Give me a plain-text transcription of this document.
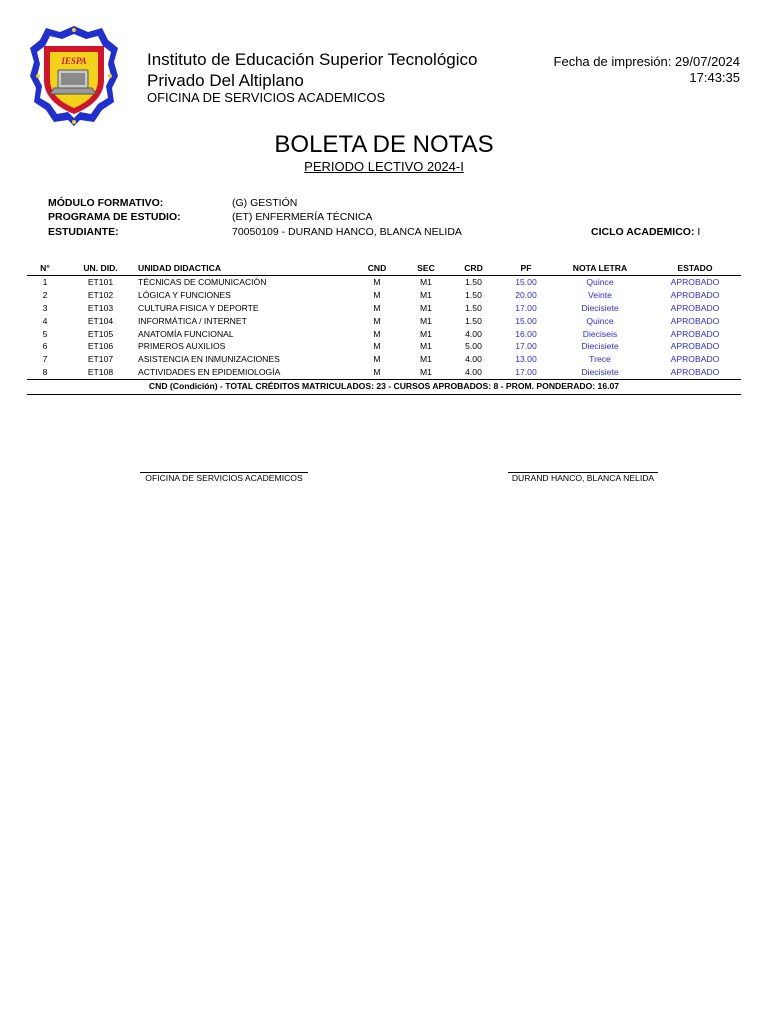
IESPA	Instituto de Educación Superior Tecnológico
Privado Del Altiplano
OFICINA DE SERVICIOS ACADEMICOS
Fecha de impresión: 29/07/2024
17:43:35
BOLETA DE NOTAS
PERIODO LECTIVO 2024-I
MÓDULO FORMATIVO:	(G) GESTIÓN
PROGRAMA DE ESTUDIO:	(ET) ENFERMERÍA TÉCNICA
ESTUDIANTE:	70050109 - DURAND HANCO, BLANCA NELIDA	CICLO ACADEMICO: I
N°	UN. DID.	UNIDAD DIDACTICA	CND	SEC	CRD	PF	NOTA LETRA	ESTADO
1	ET101	TÉCNICAS DE COMUNICACIÓN	M	M1	1.50	15.00	Quince	APROBADO
2	ET102	LÓGICA Y FUNCIONES	M	M1	1.50	20.00	Veinte	APROBADO
3	ET103	CULTURA FISICA Y DEPORTE	M	M1	1.50	17.00	Diecisiete	APROBADO
4	ET104	INFORMÁTICA / INTERNET	M	M1	1.50	15.00	Quince	APROBADO
5	ET105	ANATOMÍA FUNCIONAL	M	M1	4.00	16.00	Dieciseis	APROBADO
6	ET106	PRIMEROS AUXILIOS	M	M1	5.00	17.00	Diecisiete	APROBADO
7	ET107	ASISTENCIA EN INMUNIZACIONES	M	M1	4.00	13.00	Trece	APROBADO
8	ET108	ACTIVIDADES EN EPIDEMIOLOGÍA	M	M1	4.00	17.00	Diecisiete	APROBADO
CND (Condición) - TOTAL CRÉDITOS MATRICULADOS: 23 - CURSOS APROBADOS: 8 - PROM. PONDERADO: 16.07
OFICINA DE SERVICIOS ACADEMICOS	DURAND HANCO, BLANCA NELIDA
